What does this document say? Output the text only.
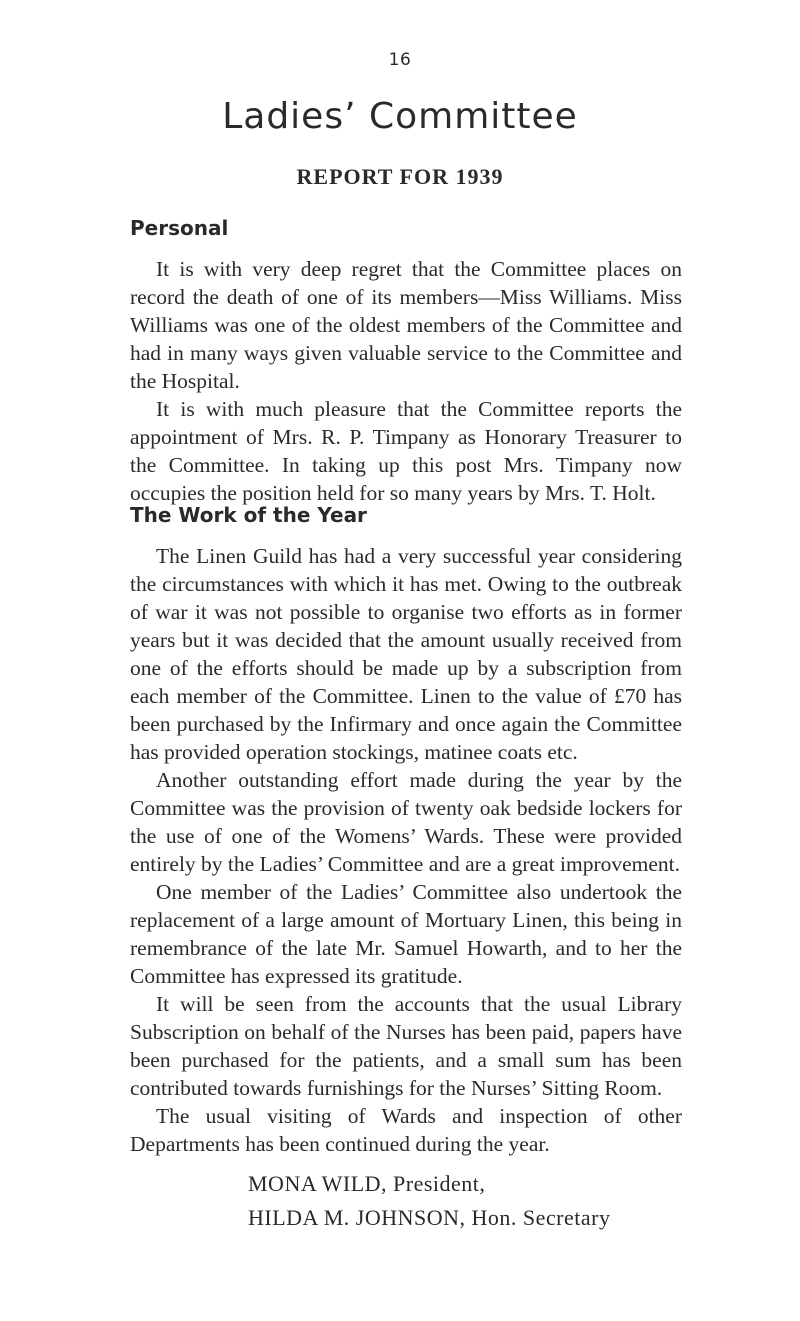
16
Ladies’ Committee
REPORT FOR 1939
Personal

It is with very deep regret that the Committee places on record the death of one of its members—Miss Williams. Miss Williams was one of the oldest members of the Committee and had in many ways given valuable service to the Committee and the Hospital.

It is with much pleasure that the Committee reports the appointment of Mrs. R. P. Timpany as Honorary Treasurer to the Committee. In taking up this post Mrs. Timpany now occupies the position held for so many years by Mrs. T. Holt.

The Work of the Year

The Linen Guild has had a very successful year considering the circumstances with which it has met. Owing to the outbreak of war it was not possible to organise two efforts as in former years but it was decided that the amount usually received from one of the efforts should be made up by a subscription from each member of the Committee. Linen to the value of £70 has been purchased by the Infirmary and once again the Committee has provided operation stockings, matinee coats etc.

Another outstanding effort made during the year by the Committee was the provision of twenty oak bedside lockers for the use of one of the Womens’ Wards. These were provided entirely by the Ladies’ Committee and are a great improvement.

One member of the Ladies’ Committee also undertook the replacement of a large amount of Mortuary Linen, this being in remembrance of the late Mr. Samuel Howarth, and to her the Committee has expressed its gratitude.

It will be seen from the accounts that the usual Library Subscription on behalf of the Nurses has been paid, papers have been purchased for the patients, and a small sum has been contributed towards furnishings for the Nurses’ Sitting Room.

The usual visiting of Wards and inspection of other Departments has been continued during the year.

MONA WILD, President,
HILDA M. JOHNSON, Hon. Secretary
